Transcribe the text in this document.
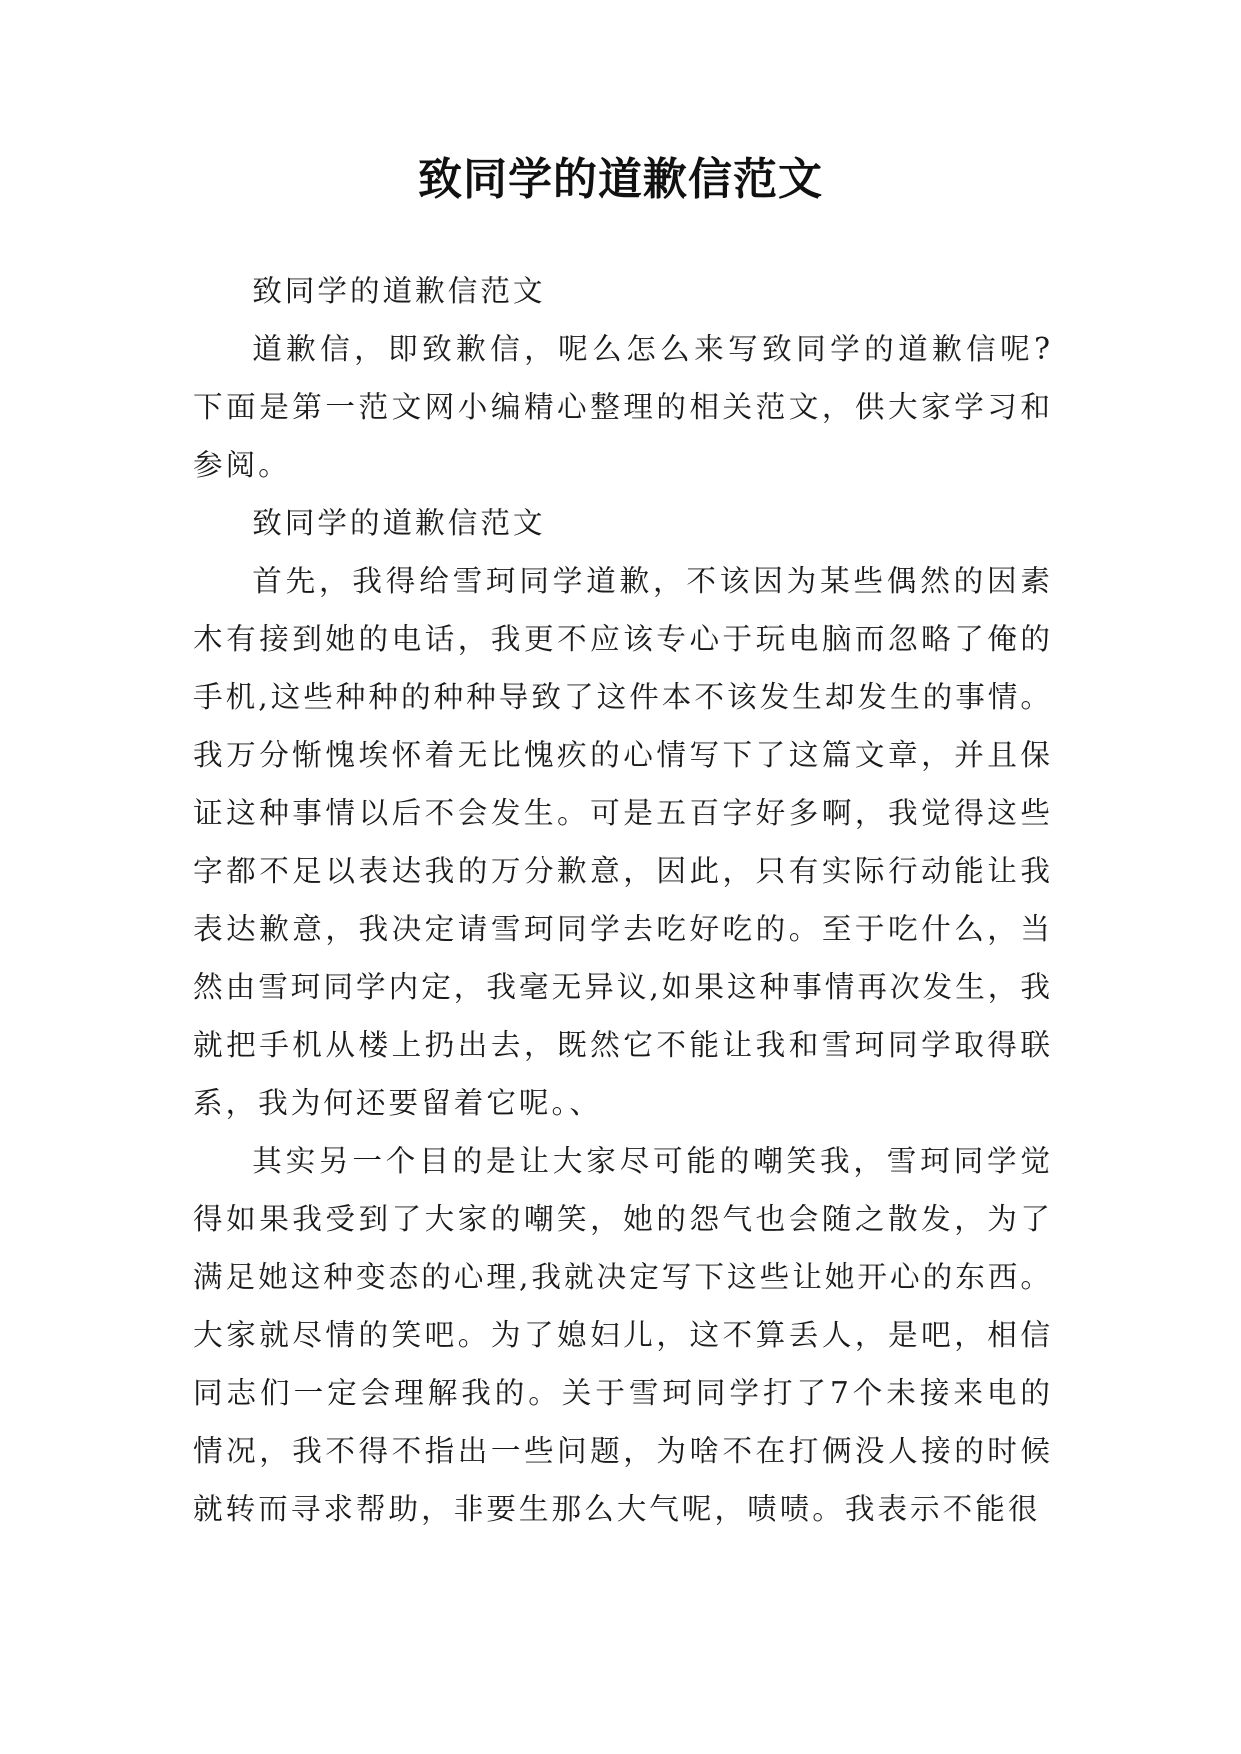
致同学的道歉信范文

致同学的道歉信范文

道歉信，即致歉信，呢么怎么来写致同学的道歉信呢?下面是第一范文网小编精心整理的相关范文，供大家学习和参阅。

致同学的道歉信范文

首先，我得给雪珂同学道歉，不该因为某些偶然的因素木有接到她的电话，我更不应该专心于玩电脑而忽略了俺的手机,这些种种的种种导致了这件本不该发生却发生的事情。我万分惭愧埃怀着无比愧疚的心情写下了这篇文章，并且保证这种事情以后不会发生。可是五百字好多啊，我觉得这些字都不足以表达我的万分歉意，因此，只有实际行动能让我表达歉意，我决定请雪珂同学去吃好吃的。至于吃什么，当然由雪珂同学内定，我毫无异议,如果这种事情再次发生，我就把手机从楼上扔出去，既然它不能让我和雪珂同学取得联系，我为何还要留着它呢。、

其实另一个目的是让大家尽可能的嘲笑我，雪珂同学觉得如果我受到了大家的嘲笑，她的怨气也会随之散发，为了满足她这种变态的心理,我就决定写下这些让她开心的东西。大家就尽情的笑吧。为了媳妇儿，这不算丢人，是吧，相信同志们一定会理解我的。关于雪珂同学打了7个未接来电的情况，我不得不指出一些问题，为啥不在打俩没人接的时候就转而寻求帮助，非要生那么大气呢，啧啧。我表示不能很
